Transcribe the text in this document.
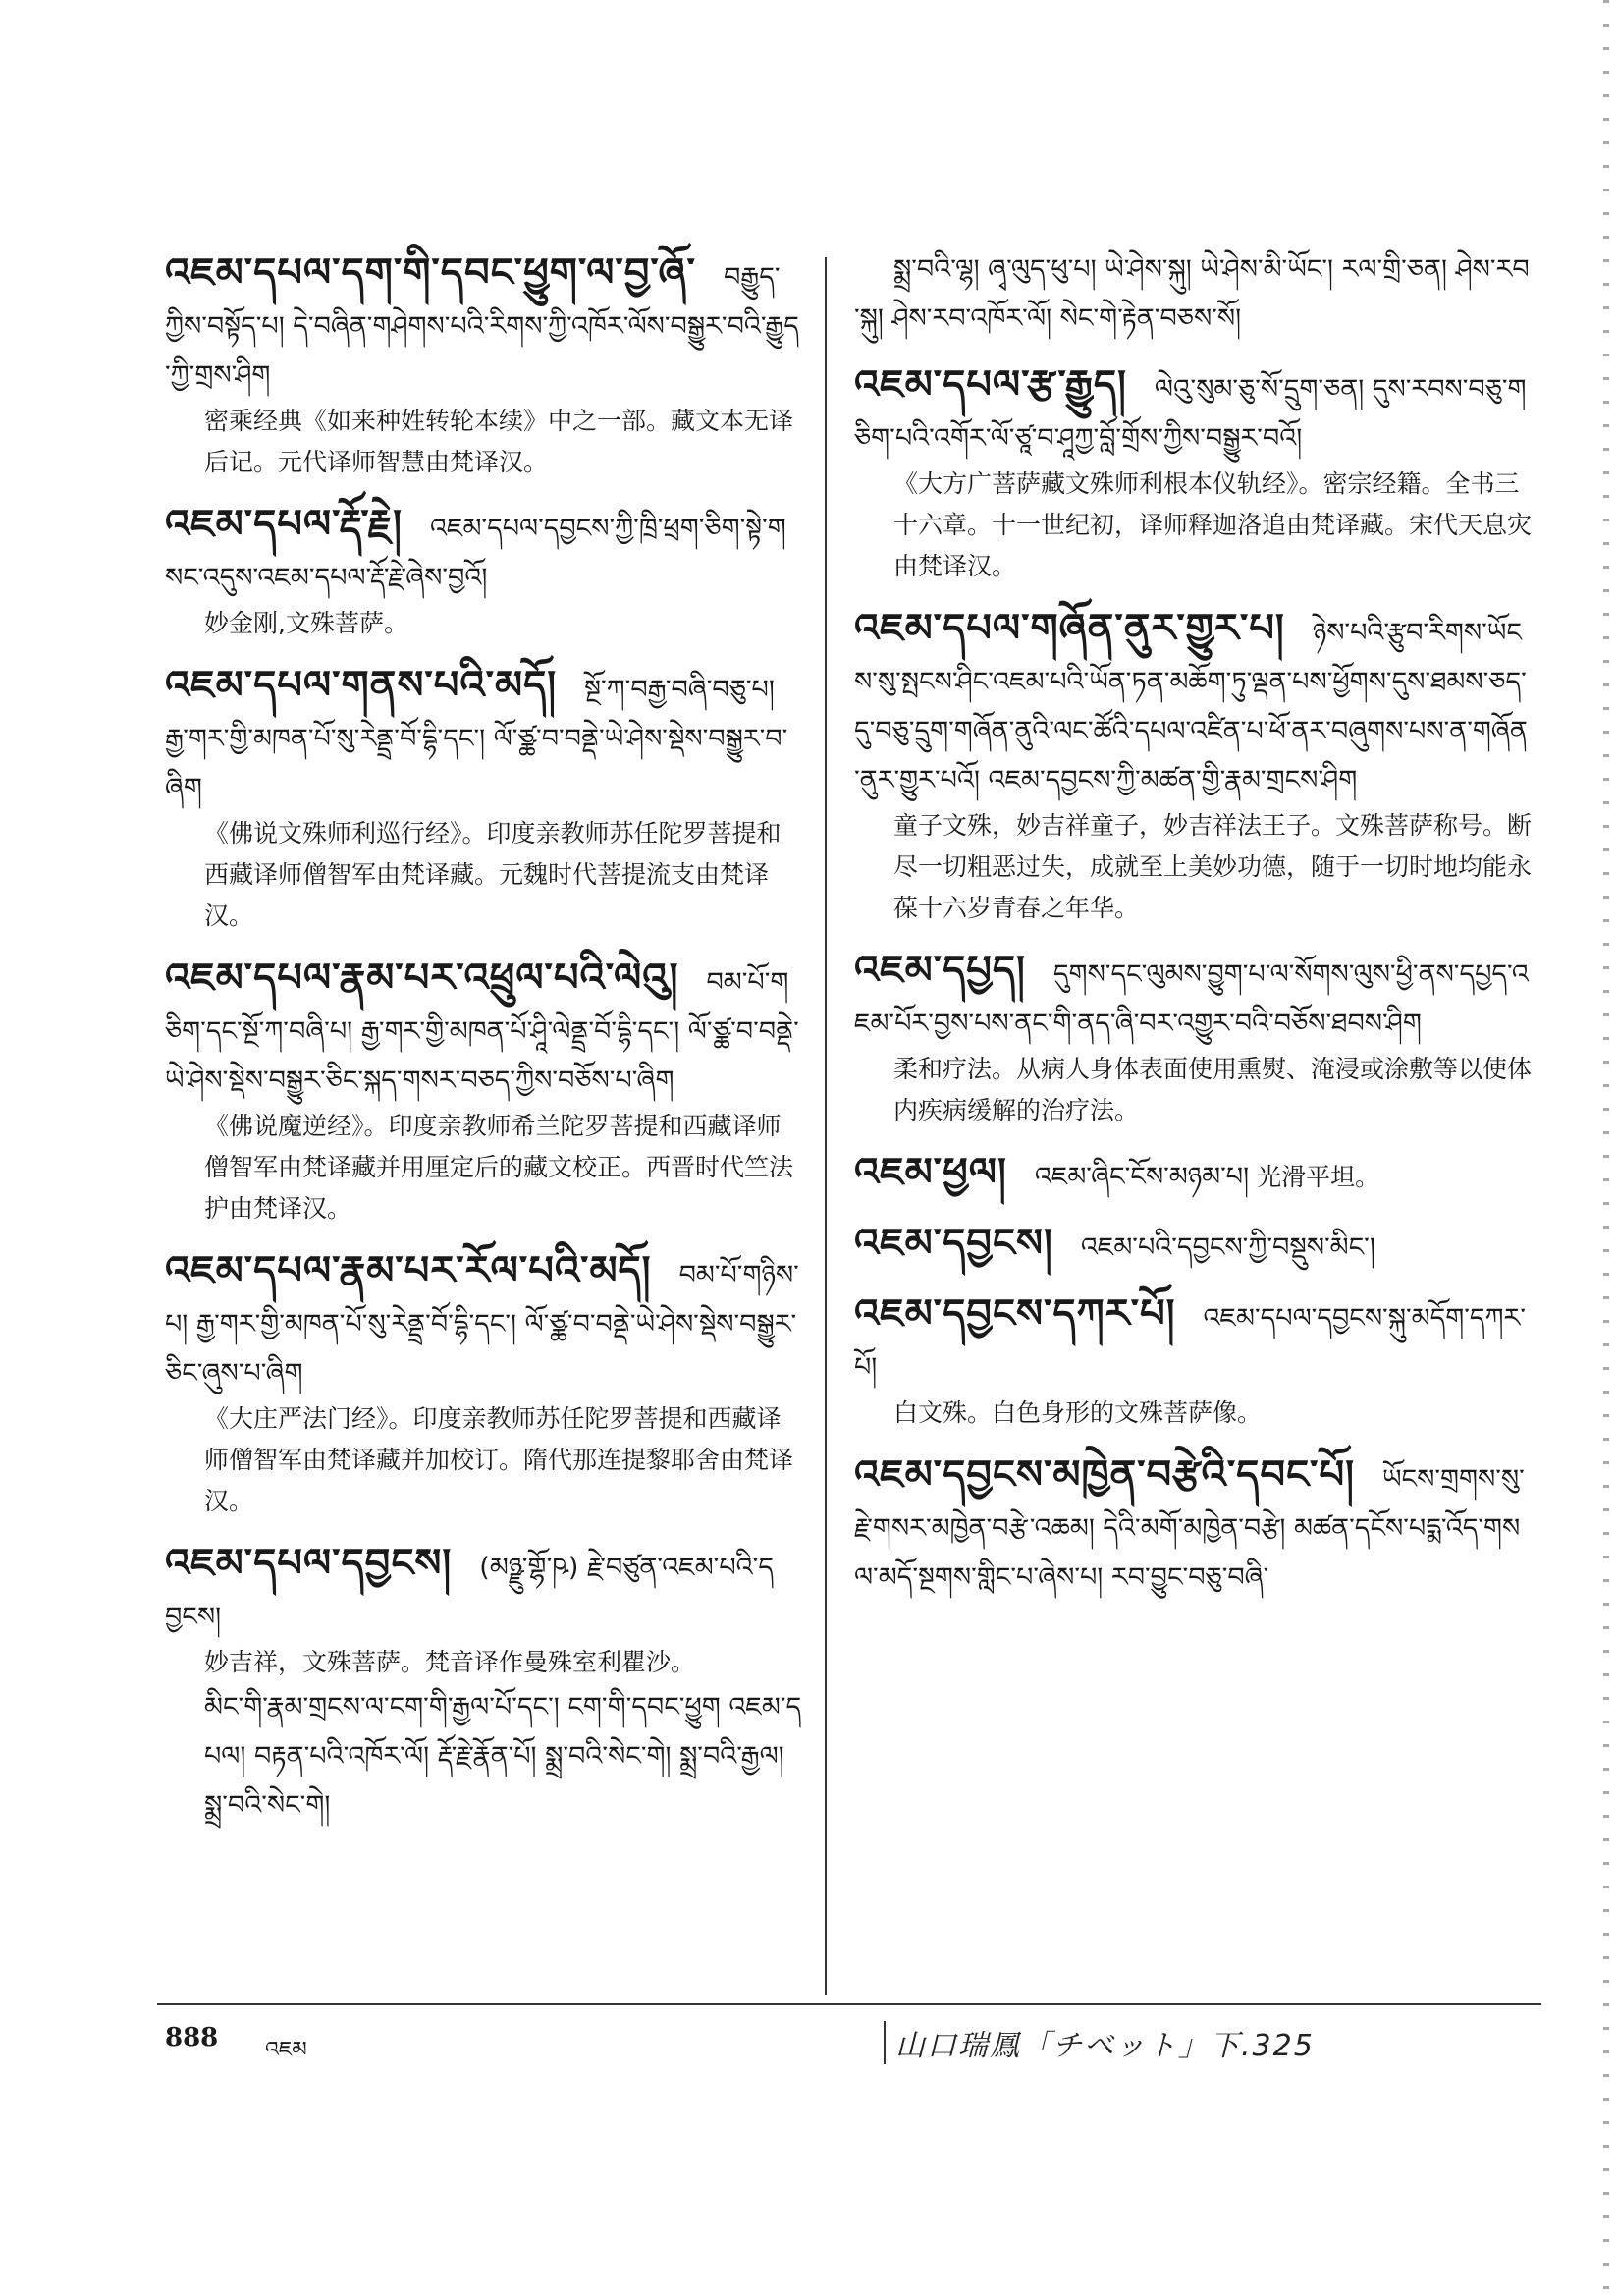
འཇམ་དཔལ་དག་གི་དབང་ཕྱུག་ལ་བྱ་ཞོ་ བརྒྱུད་ཀྱིས་བསྟོད་པ། དེ་བཞིན་གཤེགས་པའི་རིགས་ཀྱི་འཁོར་ལོས་བསྒྱུར་བའི་རྒྱུད་ཀྱི་གྲས་ཤིག
密乘经典《如来种姓转轮本续》中之一部。藏文本无译后记。元代译师智慧由梵译汉。
འཇམ་དཔལ་རྡོ་རྗེ། འཇམ་དཔལ་དབྱངས་ཀྱི་ཁྲི་ཕྲག་ཅིག་སྟེ་གསང་འདུས་འཇམ་དཔལ་རྡོ་རྗེ་ཞེས་བྱའོ།
妙金刚,文殊菩萨。
འཇམ་དཔལ་གནས་པའི་མདོ། སྔོ་ཀ་བརྒྱ་བཞི་བཅུ་པ། རྒྱ་གར་གྱི་མཁན་པོ་སུ་རེནྡྲ་བོ་དྷི་དང་། ལོ་ཙྪ་བ་བནྡེ་ཡེ་ཤེས་སྡེས་བསྒྱུར་བ་ཞིག
《佛说文殊师利巡行经》。印度亲教师苏任陀罗菩提和西藏译师僧智军由梵译藏。元魏时代菩提流支由梵译汉。
འཇམ་དཔལ་རྣམ་པར་འཕྲུལ་པའི་ལེའུ། བམ་པོ་གཅིག་དང་སྔོ་ཀ་བཞི་པ། རྒྱ་གར་གྱི་མཁན་པོ་ཤཱི་ལེནྡྲ་བོ་དྷི་དང་། ལོ་ཙྪ་བ་བནྡེ་ཡེ་ཤེས་སྡེས་བསྒྱུར་ཅིང་སྐད་གསར་བཅད་ཀྱིས་བཅོས་པ་ཞིག
《佛说魔逆经》。印度亲教师希兰陀罗菩提和西藏译师僧智军由梵译藏并用厘定后的藏文校正。西晋时代竺法护由梵译汉。
འཇམ་དཔལ་རྣམ་པར་རོལ་པའི་མདོ། བམ་པོ་གཉིས་པ། རྒྱ་གར་གྱི་མཁན་པོ་སུ་རེནྡྲ་བོ་དྷི་དང་། ལོ་ཙྪ་བ་བནྡེ་ཡེ་ཤེས་སྡེས་བསྒྱུར་ཅིང་ཞུས་པ་ཞིག
《大庄严法门经》。印度亲教师苏任陀罗菩提和西藏译师僧智军由梵译藏并加校订。隋代那连提黎耶舍由梵译汉。
འཇམ་དཔལ་དབྱངས། (མཉྫུ་གྷོ་ཥ) རྗེ་བཙུན་འཇམ་པའི་དབྱངས།
妙吉祥，文殊菩萨。梵音译作曼殊室利瞿沙。
མིང་གི་རྣམ་གྲངས་ལ་ངག་གི་རྒྱལ་པོ་དང་། ངག་གི་དབང་ཕྱུག འཇམ་དཔལ། བརྟན་པའི་འཁོར་ལོ། རྡོ་རྗེ་རྣོན་པོ། སྨྲ་བའི་སེང་གེ། སྨྲ་བའི་རྒྱལ། སྨྲ་བའི་སེང་གེ།
སྨྲ་བའི་ལྷ། ཞྭ་ལུད་ཕུ་པ། ཡེ་ཤེས་སྐུ། ཡེ་ཤེས་མི་ཡོང་། རལ་གྲི་ཅན། ཤེས་རབ་སྐུ། ཤེས་རབ་འཁོར་ལོ། སེང་གེ་རྟེན་བཅས་སོ།
འཇམ་དཔལ་རྩ་རྒྱུད། ལེའུ་སུམ་ཅུ་སོ་དྲུག་ཅན། དུས་རབས་བཅུ་གཅིག་པའི་འགོར་ལོ་ཙཱ་བ་ཤཱཀྱ་བློ་གྲོས་ཀྱིས་བསྒྱུར་བའོ།
《大方广菩萨藏文殊师利根本仪轨经》。密宗经籍。全书三十六章。十一世纪初，译师释迦洛追由梵译藏。宋代天息灾由梵译汉。
འཇམ་དཔལ་གཞོན་ནུར་གྱུར་པ། ཉེས་པའི་རྩུབ་རིགས་ཡོངས་སུ་སྤངས་ཤིང་འཇམ་པའི་ཡོན་ཏན་མཆོག་ཏུ་ལྡན་པས་ཕྱོགས་དུས་ཐམས་ཅད་དུ་བཅུ་དྲུག་གཞོན་ནུའི་ལང་ཚོའི་དཔལ་འཛིན་པ་ཕོ་ནར་བཞུགས་པས་ན་གཞོན་ནུར་གྱུར་པའོ། འཇམ་དབྱངས་ཀྱི་མཚན་གྱི་རྣམ་གྲངས་ཤིག
童子文殊，妙吉祥童子，妙吉祥法王子。文殊菩萨称号。断尽一切粗恶过失，成就至上美妙功德，随于一切时地均能永葆十六岁青春之年华。
འཇམ་དཔྱད། དུགས་དང་ལུམས་བྱུག་པ་ལ་སོགས་ལུས་ཕྱི་ནས་དཔྱད་འཇམ་པོར་བྱས་པས་ནང་གི་ནད་ཞི་བར་འགྱུར་བའི་བཅོས་ཐབས་ཤིག
柔和疗法。从病人身体表面使用熏熨、淹浸或涂敷等以使体内疾病缓解的治疗法。
འཇམ་ཕྱལ། འཇམ་ཞིང་ངོས་མཉམ་པ། 光滑平坦。
འཇམ་དབྱངས། འཇམ་པའི་དབྱངས་ཀྱི་བསྡུས་མིང་།
འཇམ་དབྱངས་དཀར་པོ། འཇམ་དཔལ་དབྱངས་སྐུ་མདོག་དཀར་པོ།
白文殊。白色身形的文殊菩萨像。
འཇམ་དབྱངས་མཁྱེན་བརྩེའི་དབང་པོ། ཡོངས་གྲགས་སུ་རྗེ་གསར་མཁྱེན་བརྩེ་འཆམ། དེའི་མགོ་མཁྱེན་བརྩེ། མཚན་དངོས་པདྨ་འོད་གསལ་མདོ་སྔགས་གླིང་པ་ཞེས་པ། རབ་བྱུང་བཅུ་བཞི་
888 འཇམ	山口瑞鳳「チベット」下.325
